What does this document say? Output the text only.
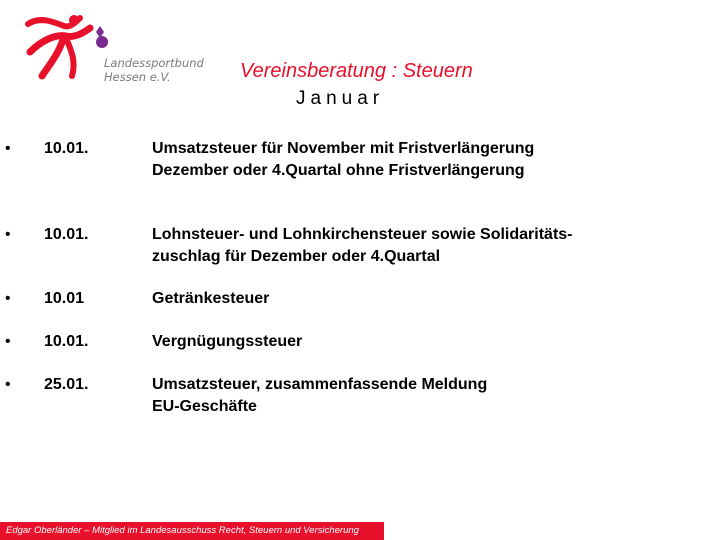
Landessportbund
Hessen e.V.	Vereinsberatung : Steuern
Januar
• 10.01.	Umsatzsteuer für November mit Fristverlängerung
Dezember oder 4.Quartal ohne Fristverlängerung
• 10.01.	Lohnsteuer- und Lohnkirchensteuer sowie Solidaritäts-
zuschlag für Dezember oder 4.Quartal
• 10.01	Getränkesteuer
• 10.01.	Vergnügungssteuer
• 25.01.	Umsatzsteuer, zusammenfassende Meldung
EU-Geschäfte
Edgar Oberländer – Mitglied im Landesausschuss Recht, Steuern und Versicherung
